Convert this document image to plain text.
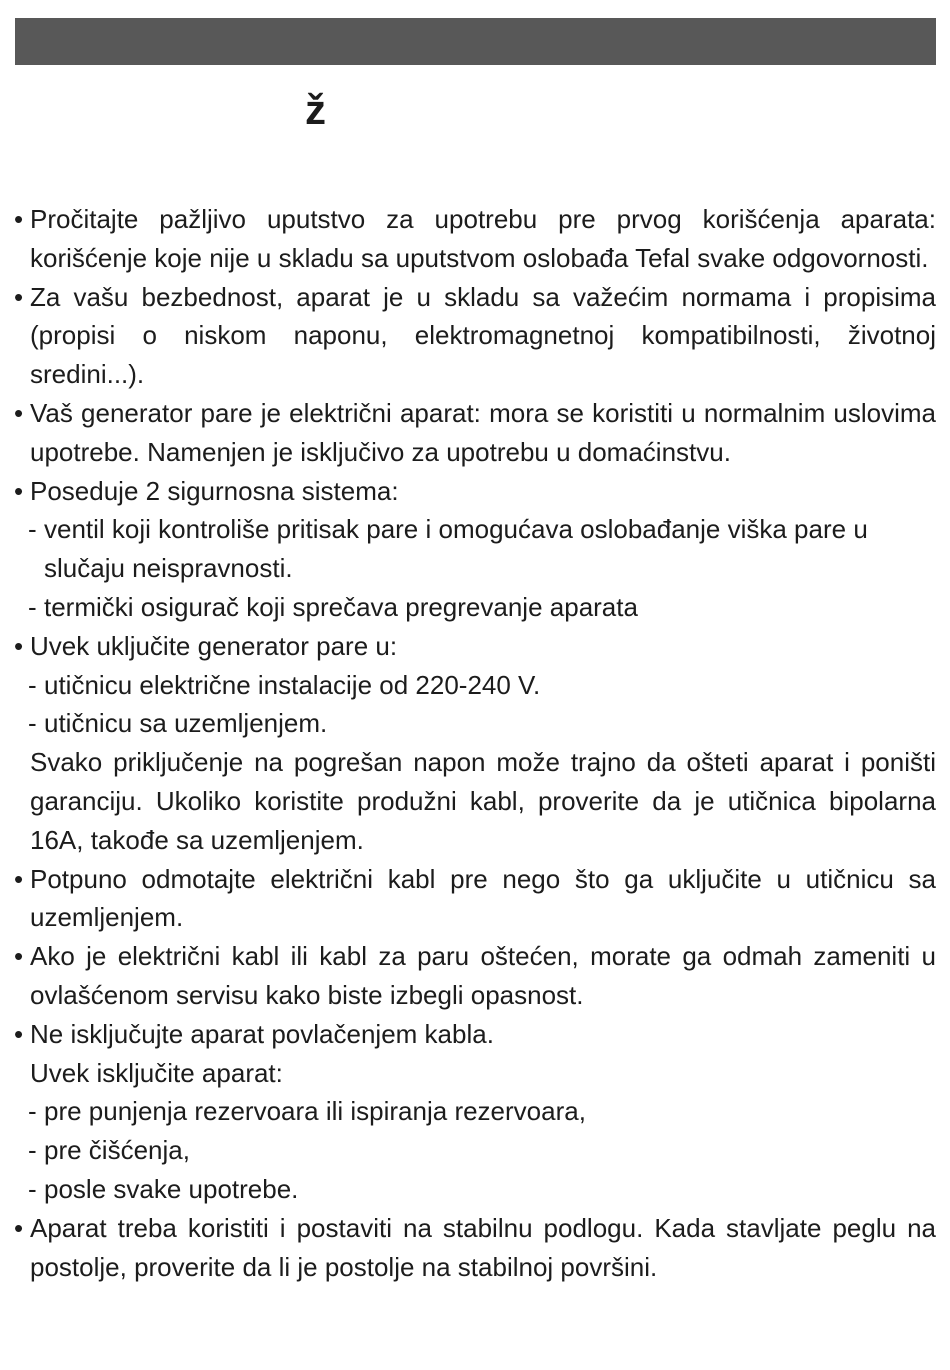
ž
• Pročitajte pažljivo uputstvo za upotrebu pre prvog korišćenja aparata: korišćenje koje nije u skladu sa uputstvom oslobađa Tefal svake odgovornosti.
• Za vašu bezbednost, aparat je u skladu sa važećim normama i propisima (propisi o niskom naponu, elektromagnetnoj kompatibilnosti, životnoj sredini...).
• Vaš generator pare je električni aparat: mora se koristiti u normalnim uslovima upotrebe. Namenjen je isključivo za upotrebu u domaćinstvu.
• Poseduje 2 sigurnosna sistema:
- ventil koji kontroliše pritisak pare i omogućava oslobađanje viška pare u slučaju neispravnosti.
- termički osigurač koji sprečava pregrevanje aparata
• Uvek uključite generator pare u:
- utičnicu električne instalacije od 220-240 V.
- utičnicu sa uzemljenjem.
Svako priključenje na pogrešan napon može trajno da ošteti aparat i poništi garanciju. Ukoliko koristite produžni kabl, proverite da je utičnica bipolarna 16A, takođe sa uzemljenjem.
• Potpuno odmotajte električni kabl pre nego što ga uključite u utičnicu sa uzemljenjem.
• Ako je električni kabl ili kabl za paru oštećen, morate ga odmah zameniti u ovlašćenom servisu kako biste izbegli opasnost.
• Ne isključujte aparat povlačenjem kabla.
Uvek isključite aparat:
- pre punjenja rezervoara ili ispiranja rezervoara,
- pre čišćenja,
- posle svake upotrebe.
• Aparat treba koristiti i postaviti na stabilnu podlogu. Kada stavljate peglu na postolje, proverite da li je postolje na stabilnoj površini.
